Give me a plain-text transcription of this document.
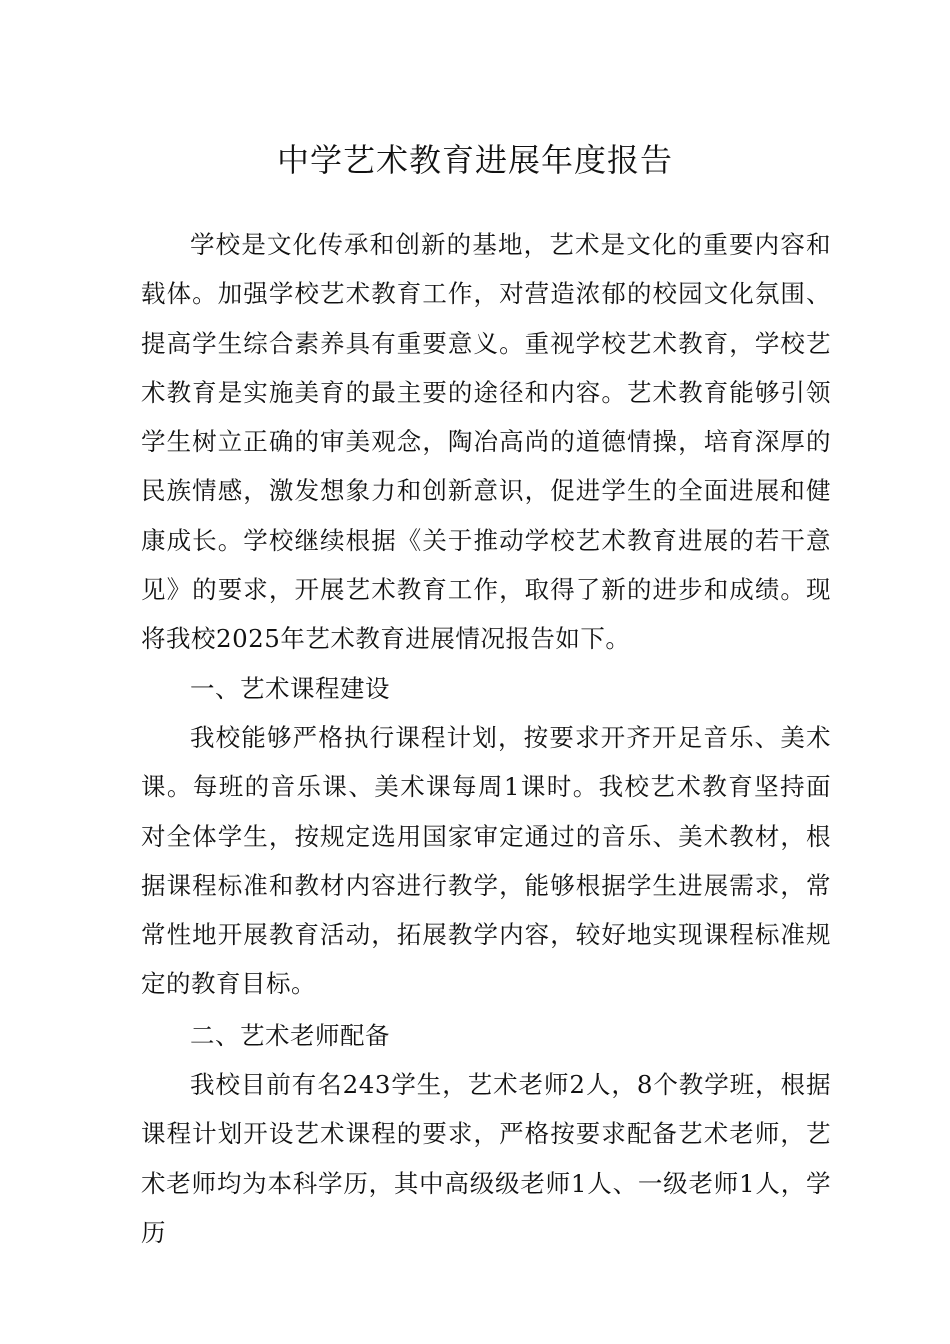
中学艺术教育进展年度报告

学校是文化传承和创新的基地，艺术是文化的重要内容和载体。加强学校艺术教育工作，对营造浓郁的校园文化氛围、提高学生综合素养具有重要意义。重视学校艺术教育，学校艺术教育是实施美育的最主要的途径和内容。艺术教育能够引领学生树立正确的审美观念，陶冶高尚的道德情操，培育深厚的民族情感，激发想象力和创新意识，促进学生的全面进展和健康成长。学校继续根据《关于推动学校艺术教育进展的若干意见》的要求，开展艺术教育工作，取得了新的进步和成绩。现将我校2025年艺术教育进展情况报告如下。

一、艺术课程建设

我校能够严格执行课程计划，按要求开齐开足音乐、美术课。每班的音乐课、美术课每周1课时。我校艺术教育坚持面对全体学生，按规定选用国家审定通过的音乐、美术教材，根据课程标准和教材内容进行教学，能够根据学生进展需求，常常性地开展教育活动，拓展教学内容，较好地实现课程标准规定的教育目标。

二、艺术老师配备

我校目前有名243学生，艺术老师2人，8个教学班，根据课程计划开设艺术课程的要求，严格按要求配备艺术老师，艺术老师均为本科学历，其中高级级老师1人、一级老师1人，学历
